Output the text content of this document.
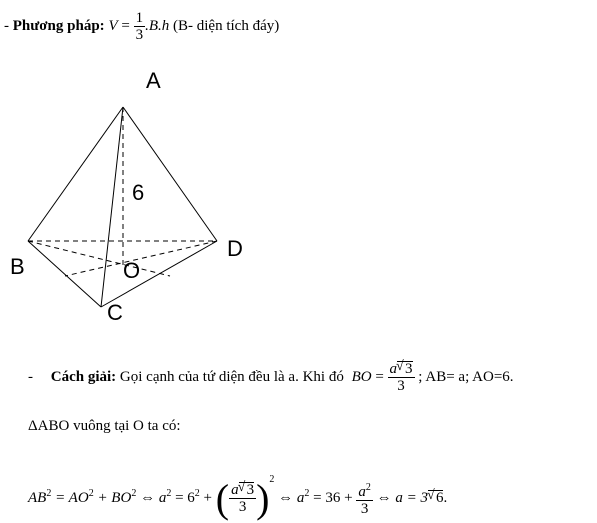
- Phương pháp: $V = \frac{1}{3} .B.h$ (B- diện tích đáy)
A
B
C
D
O
6
- Cách giải: Gọi cạnh của tứ diện đều là a. Khi đó BO = $\frac{a √ 3}{3}$ ; AB= a; AO=6.
ΔABO vuông tại O ta có:
$AB^2 = AO^2 + BO^2$ ⇔ $a^2 = 6^2$ + ( $\frac{a √ 3}{3} )^2$ ⇔ $a^2 = 36 + \frac{a^2}{3}$ ⇔ a = 3 √ 6.
